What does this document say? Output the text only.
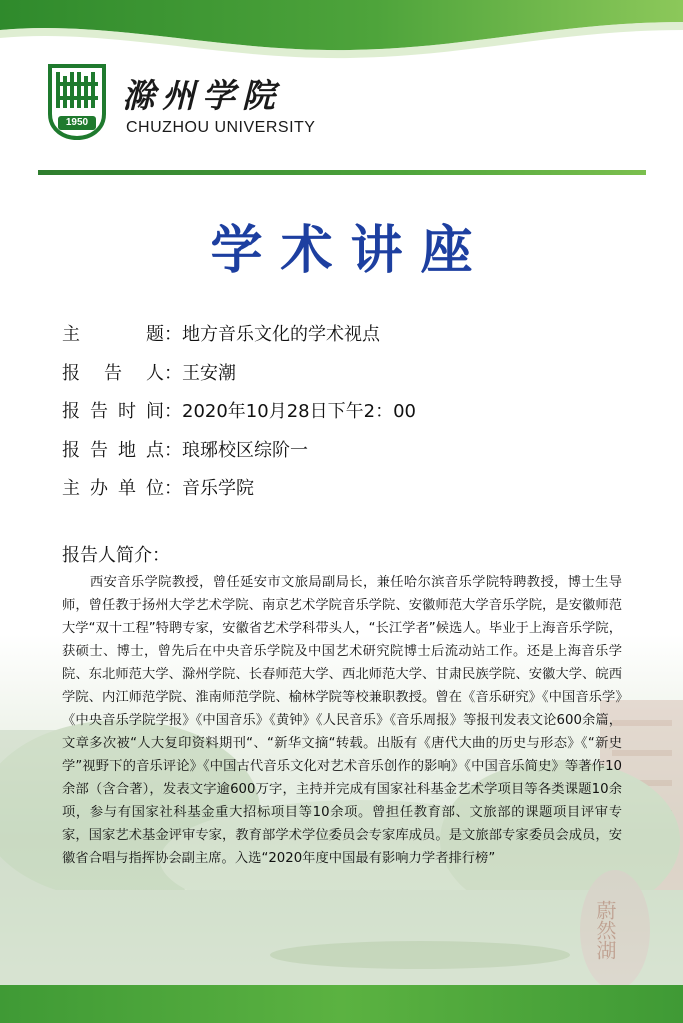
1950
滁州学院
CHUZHOU UNIVERSITY
学术讲座
主　　题：地方音乐文化的学术视点
报 告 人：王安潮
报告时间：2020年10月28日下午2：00
报告地点：琅琊校区综阶一
主办单位：音乐学院
报告人简介：
西安音乐学院教授，曾任延安市文旅局副局长，兼任哈尔滨音乐学院特聘教授，博士生导师，曾任教于扬州大学艺术学院、南京艺术学院音乐学院、安徽师范大学音乐学院，是安徽师范大学“双十工程”特聘专家，安徽省艺术学科带头人，“长江学者”候选人。毕业于上海音乐学院，获硕士、博士，曾先后在中央音乐学院及中国艺术研究院博士后流动站工作。还是上海音乐学院、东北师范大学、滁州学院、长春师范大学、西北师范大学、甘肃民族学院、安徽大学、皖西学院、内江师范学院、淮南师范学院、榆林学院等校兼职教授。曾在《音乐研究》《中国音乐学》《中央音乐学院学报》《中国音乐》《黄钟》《人民音乐》《音乐周报》等报刊发表文论600余篇，文章多次被“人大复印资料期刊“、“新华文摘“转载。出版有《唐代大曲的历史与形态》《“新史学”视野下的音乐评论》《中国古代音乐文化对艺术音乐创作的影响》《中国音乐简史》等著作10余部（含合著），发表文字逾600万字，主持并完成有国家社科基金艺术学项目等各类课题10余项，参与有国家社科基金重大招标项目等10余项。曾担任教育部、文旅部的课题项目评审专家，国家艺术基金评审专家，教育部学术学位委员会专家库成员。是文旅部专家委员会成员，安徽省合唱与指挥协会副主席。入选“2020年度中国最有影响力学者排行榜”
蔚然湖
